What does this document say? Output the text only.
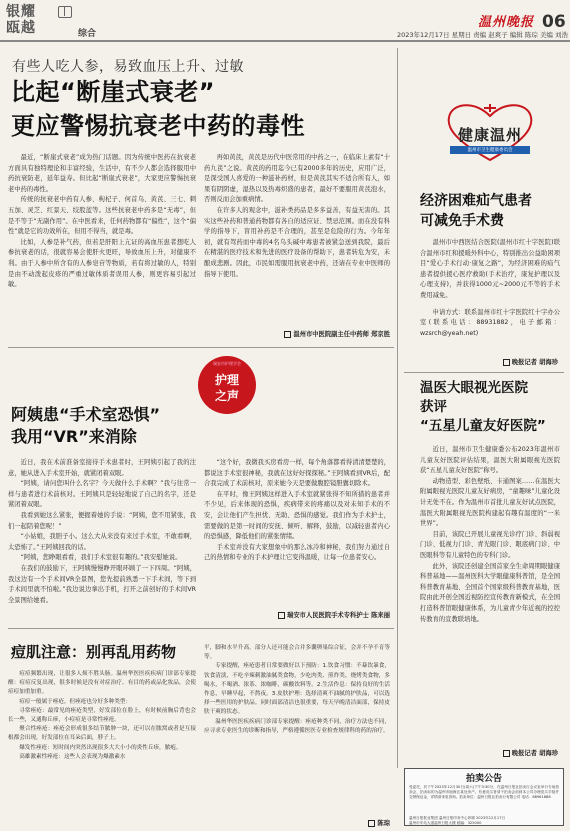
银耀
瓯越	综合
温州晚报 06
2023年12月17日 星期日 责编 赵爽子 编辑 陈琮 美编 刘浩
有些人吃人参，易致血压上升、过敏
比起“断崖式衰老”
更应警惕抗衰老中药的毒性

最近，“断崖式衰老”成为热门话题。因为传统中医药在抗衰老方面具有独特理论和丰富经验，生活中，有不少人都会选择服用中药抗衰防老，延年益寿。但比起“断崖式衰老”，大家更应警惕抗衰老中药的毒性。

传统的抗衰老中药有人参、枸杞子、何首乌、黄芪、三七、刺五加、灵芝、红景天、绞股蓝等。这些抗衰老中药多是“无毒”，但是不等于“无副作用”。在中医看来，任何药物都有“偏性”，这个“偏性”就是它的功效所在，但用不得当，就是毒。

比如，人参是补气药，但若是肝阳上亢证的高血压患者想吃人参抗衰老的话，很就容易会使肝火更旺，导致血压上升，对健康不利。由于人参中所含有的人参皂苷等物质，若有将过敏的人，特别是由不动泼起皮疹的严重过敏体质者误用人参，则更容易引起过敏。

再如黄芪，黄芪是历代中医常用的中药之一，在临床上素有“十药九芪”之说。黄芪的药用迄今已有2000多年的历史，应用广泛，是深受国人喜爱的一种滋补药材，但是黄芪其实不适合所有人，如果有阴阴虚，湿热以及热毒炽盛的患者，最好不要服用黄芪泡水，否则反而会加重病情。

在许多人的观念中，滋补类药品是多多益善，有益无害的。其实这些补药和普通药物都有各自的适应证、禁忌范围。而在没有科学的指导下，盲用补药是不合理的，甚至是危险的行为。今年年初，就有驾药而中毒的4名乌头碱中毒患者被紧急送到我院，最后在精湛的医疗技术和先进的医疗设备的帮助下，患者转危为安，未酿成悲剧。因此，市民如需服用抗衰老中药，还请在专业中医师的指导下使用。

温州市中医院副主任中药师 郑京胜
健康温州
温州市卫生健康委员会
经济困难疝气患者
可减免手术费

温州市中西医结合医院(温州市红十字医院)联合温州市红和援暖外科中心，特别推出公益助困项目“爱心手术行动·康复之路”，为经济困难的疝气患者提供援心医疗救助(手术治疗，康复护理以及心理支持)，并获得1000元~2000元不等的手术费用减免。

申请方式：联系温州市红十字医院红十字办公室(联系电话：88931882，电子邮箱：wzsrch@yeah.net)

晚报记者 胡海珍
瑞安市护理学会
护理
之声
阿姨患“手术室恐惧”
我用“VR”来消除

近日，我在术前准备室接待手术患者时，王阿姨引起了我的注意，她从进入手术室开始，就紧闭着双眼。

“阿姨，请问您叫什么名字？今天做什么手术啊？”我与往常一样与患者进行术前核对。王阿姨只是轻轻地说了自己的名字，还是紧闭着双眼。

我看到她这么紧张，便握着她的手说：“阿姨，您不用紧张，我们一起陪着您呢！”

“小姑娘，我胆子小。这么大从来没有来过手术室，不敢看啊，太恐怖了。”王阿姨回我的话。

“阿姨，您睁眼看看，我们手术室很有趣的。”我安慰她说。

在我们的鼓励下，王阿姨慢慢睁开眼环顾了一下四周。“阿姨，我这边有一个手术间VR全景图，您先提前熟悉一下手术间，等下到手术间里就不怕啦。”我边说边拿出手机，打开之前创好的手术间VR全景图给她看。

“这个好，我微我买房看房一样，每个角落都看得清清楚楚的，都说这手术室很神秘，我就在这好好探探秘。”王阿姨看到VR后，配合我完成了术前核对，原来她今天是要做腹腔镜胆囊切除术。

在平时，像王阿姨这样进入手术室就紧张得不知所措的患者并不少见，后来体现的恐惧，疾病带来的疼痛以及对未知手术的不安，会让他们产生担忧、无助、恐惧的感觉。我们作为手术护士，需要做的是第一时间的安抚、倾听、解释，鼓励，以减轻患者内心的恐惧感，降低他们的紧张情绪。

手术室并没有大家想象中的那么冰冷和神秘，我们努力通过自己的热情和专业的手术护理让它变得温暖，让每一位患者安心。

瑞安市人民医院手术专科护士 陈来丽
温医大眼视光医院
获评
“五星儿童友好医院”

近日，温州市卫生健康委公布2023年温州市儿童友好医院评估结果，温医大附属眼视光医院获“五星儿童友好医院”称号。

动物造型、彩色壁纸、卡通图案……在温医大附属眼视光医院儿童友好病房，“童趣味”儿童化设计无处不在。作为温州市首批儿童友好试点医院，温医大附属眼视光医院构建起有趣有温度的“一米世界”。

目前，该院已开展儿童视光诊疗门诊、斜弱视门诊、低视力门诊、青光眼门诊、眼底病门诊、中医眼科等有儿童特色的专科门诊。

此外，该院还创建全国首家全生命周期眼健康科普基地——温州医科大学眼健康科普馆，是全国科普教育基地、全国首个国家级科普教育基地，医院由此开创全国近视防控宣传教育新模式，在全国打造科普馆眼健康体系，为儿童青少年近视的控控传教育的宣教联培地。

晚报记者 胡海珍
痘肌注意：别再乱用药物

痘痘频繁出现，让很多人烦不胜头肠。温州华医医疾疾病门诊部专家提醒：痘痘反复出现，很多时候是没有对症治疗。有目的药或品化妆品，会使痘痘加重加重。

痘痘一般属于痤疮，但痤疮也分好多种类型：

寻常痤疮：最常见的痤疮类型，好发部位在脸上，有时候前胸后背也会长一些，又通称丘疹，小痘痘是寻常性痤疮。

聚合性痤疮：痤疮会形成很多结节脓肿一块，还可以在脓窝或者是互接根都会出现，好发部位在耳朵后面，脖子上。

爆发性痤疮：短时间内突然出现很多大大小小的炎性丘疹，脓疱。

高雄激素性痤疮：这些人会表现为爆激素水

平，脚和水平升高。部分人还可能会合并多囊卵巢综合征，会并不孕不育等等。

专家提醒，痤疮患者日常要做好以下预防：1.饮食习惯：不暴饮暴食，饮食清淡，不吃辛辣刺激油腻类食物，少吃肉类、煎炸类、烧烤类食物，多喝水，不喝酒、浓茶、浓咖啡，碳酸饮料等。2.生活作息：保持良好的生活作息，早睡早起，不熬夜。3.皮肤护理：选择清爽不油腻的护肤品，可以选择一些医用的护肤品。同时面部清洁也很重要，每天早晚清洁面部，保持皮肤干爽的状态。

温州华医医疾疾病门诊部专家提醒：痤疮种类不同，治疗方法也不同，应寻求专业医生的诊断和指导，严格遵循医医专业检查规律科的药的治疗。

陈琮
拍卖公告
受委托，於下午2023年12月30日(周六)下午3:30分，在温州日报社拍卖行会议室举行专场拍卖会，拍卖标的为温州市瓯海区某处房产。有意竞买者请于拍卖会前到本公司办理竞买手续并交纳保证金，详情请来电咨询。拍卖单位：温州日报社拍卖行有限公司 电话：88961888
温州日报报业集团 温州日报印务中心印刷 2023年12月17日
温州市车站大道温州日报大楼 邮编：325000
